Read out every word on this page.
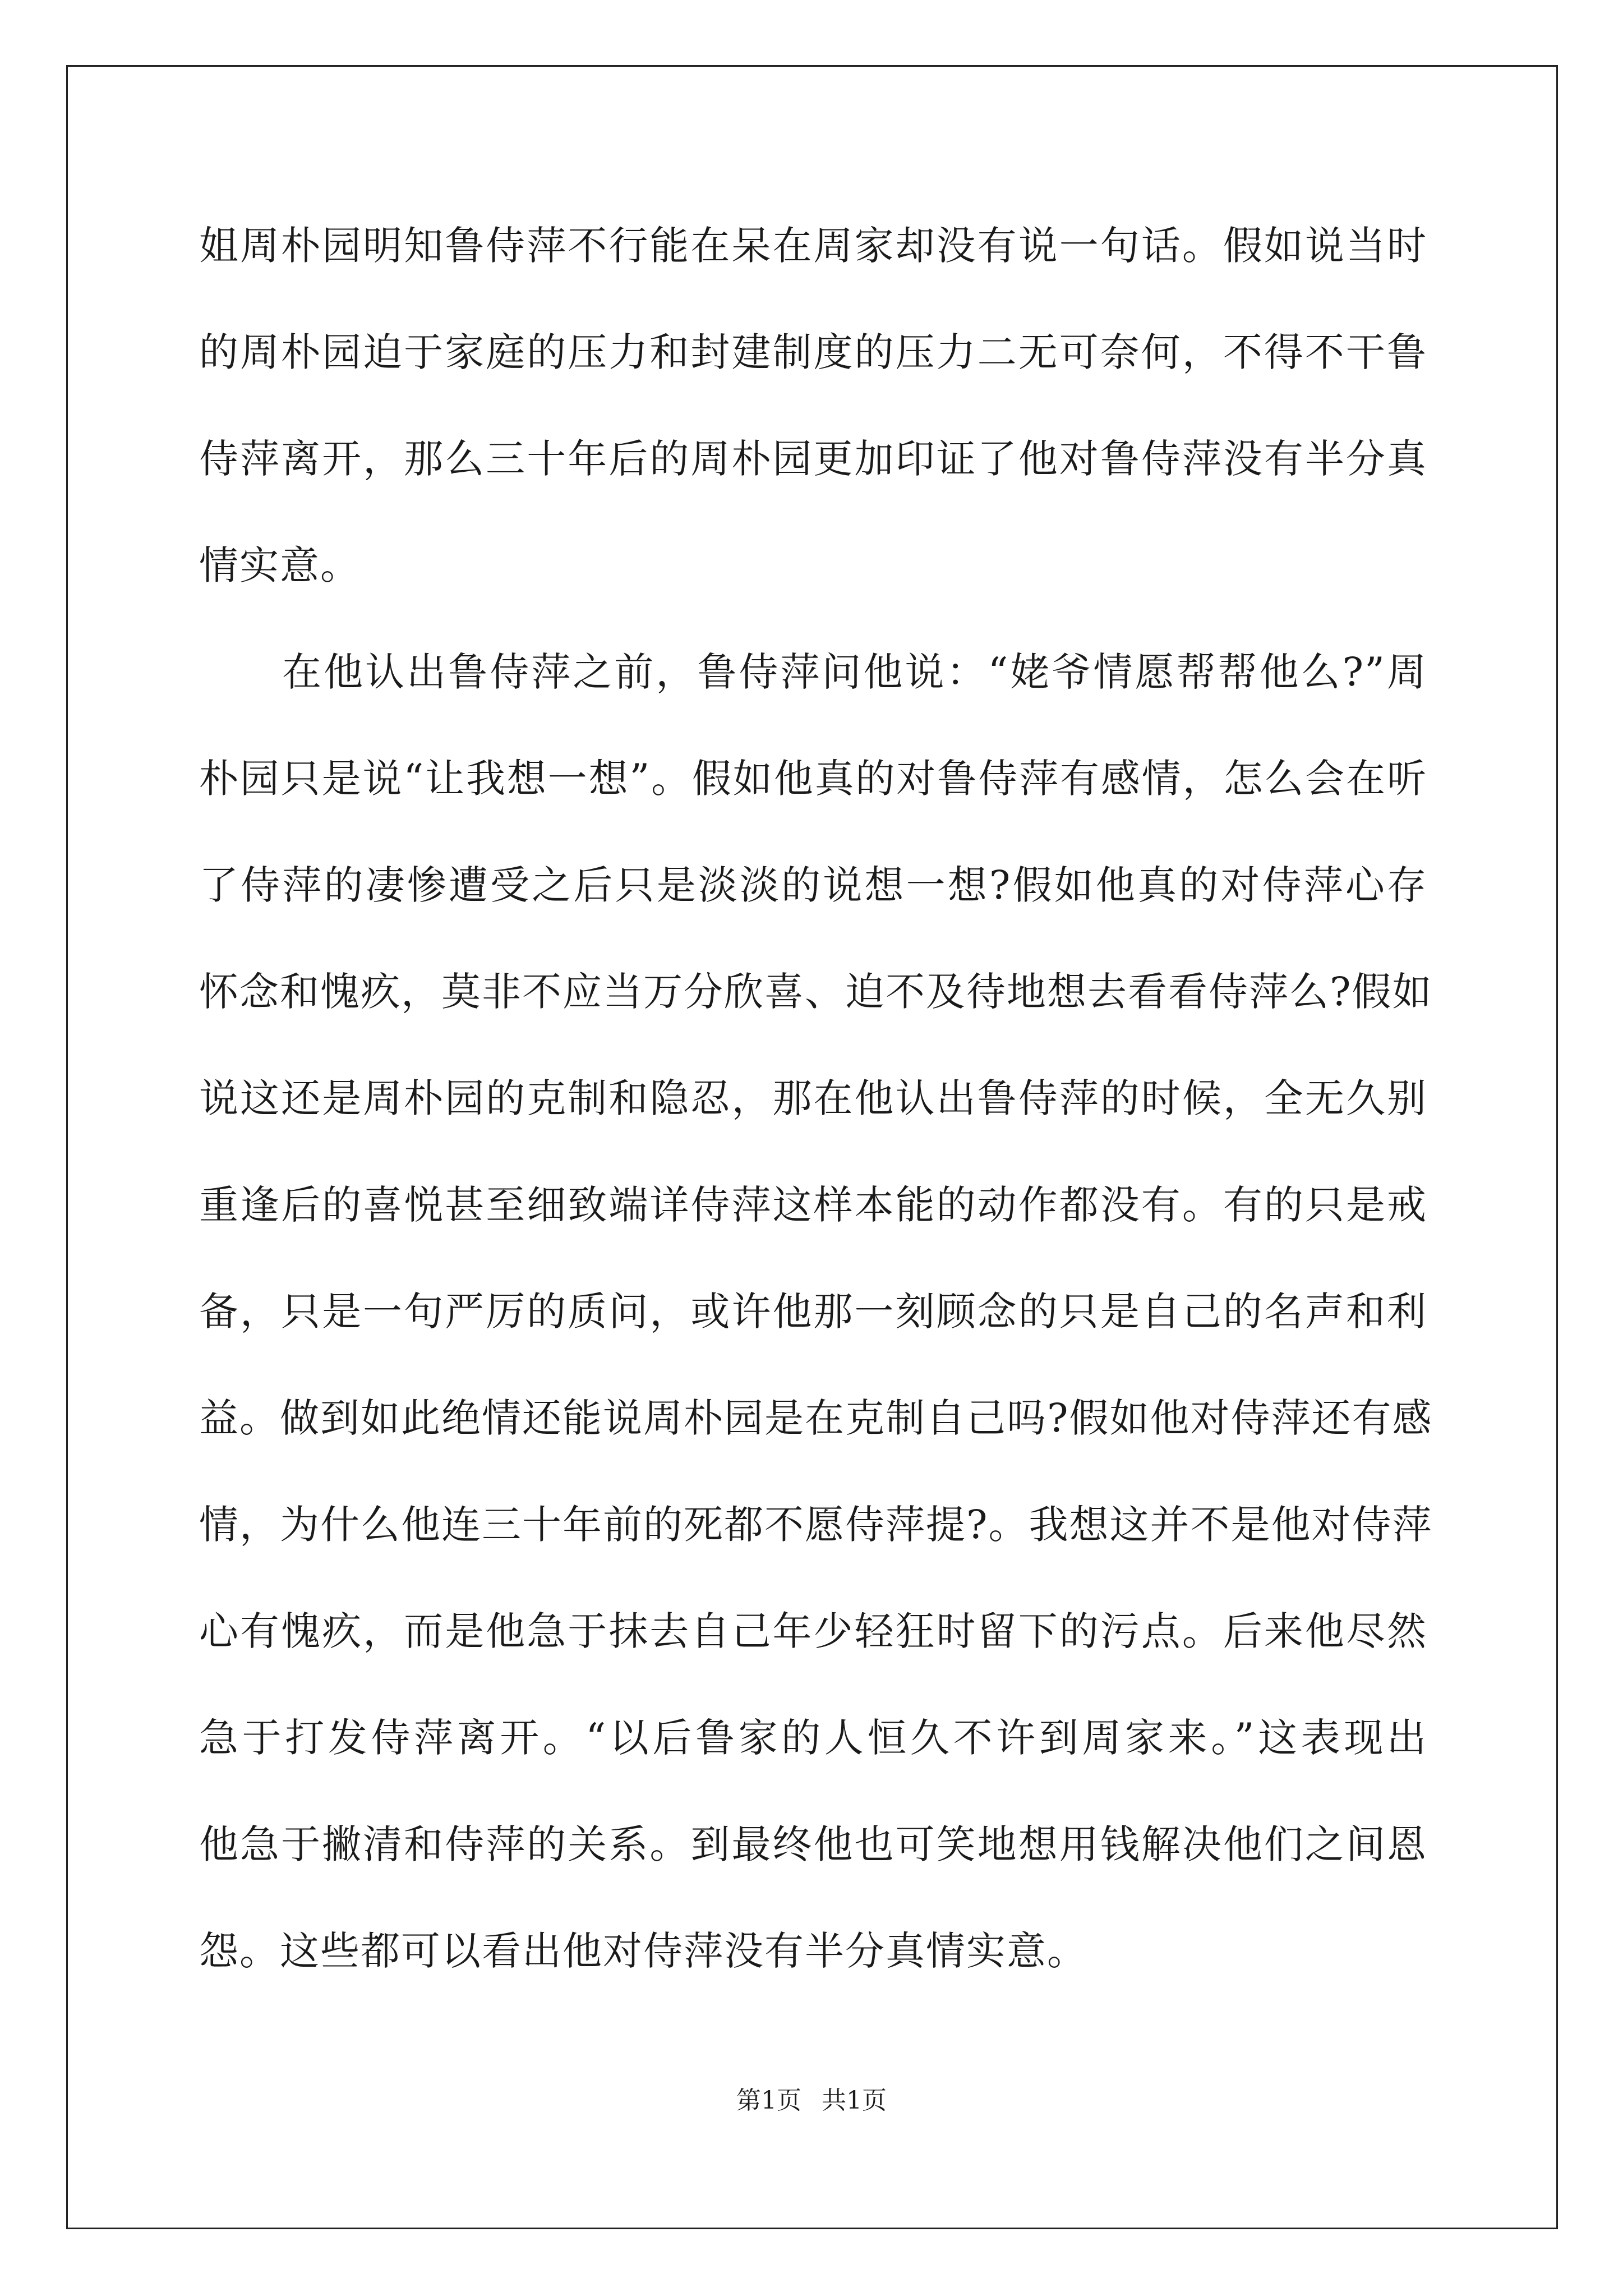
姐周朴园明知鲁侍萍不行能在呆在周家却没有说一句话。假如说当时
的周朴园迫于家庭的压力和封建制度的压力二无可奈何，不得不干鲁
侍萍离开，那么三十年后的周朴园更加印证了他对鲁侍萍没有半分真
情实意。
　　在他认出鲁侍萍之前，鲁侍萍问他说：“姥爷情愿帮帮他么?”周
朴园只是说“让我想一想”。假如他真的对鲁侍萍有感情，怎么会在听
了侍萍的凄惨遭受之后只是淡淡的说想一想?假如他真的对侍萍心存
怀念和愧疚，莫非不应当万分欣喜、迫不及待地想去看看侍萍么?假如
说这还是周朴园的克制和隐忍，那在他认出鲁侍萍的时候，全无久别
重逢后的喜悦甚至细致端详侍萍这样本能的动作都没有。有的只是戒
备，只是一句严厉的质问，或许他那一刻顾念的只是自己的名声和利
益。做到如此绝情还能说周朴园是在克制自己吗?假如他对侍萍还有感
情，为什么他连三十年前的死都不愿侍萍提?。我想这并不是他对侍萍
心有愧疚，而是他急于抹去自己年少轻狂时留下的污点。后来他尽然
急于打发侍萍离开。“以后鲁家的人恒久不许到周家来。”这表现出
他急于撇清和侍萍的关系。到最终他也可笑地想用钱解决他们之间恩
怨。这些都可以看出他对侍萍没有半分真情实意。
第1页 共1页
